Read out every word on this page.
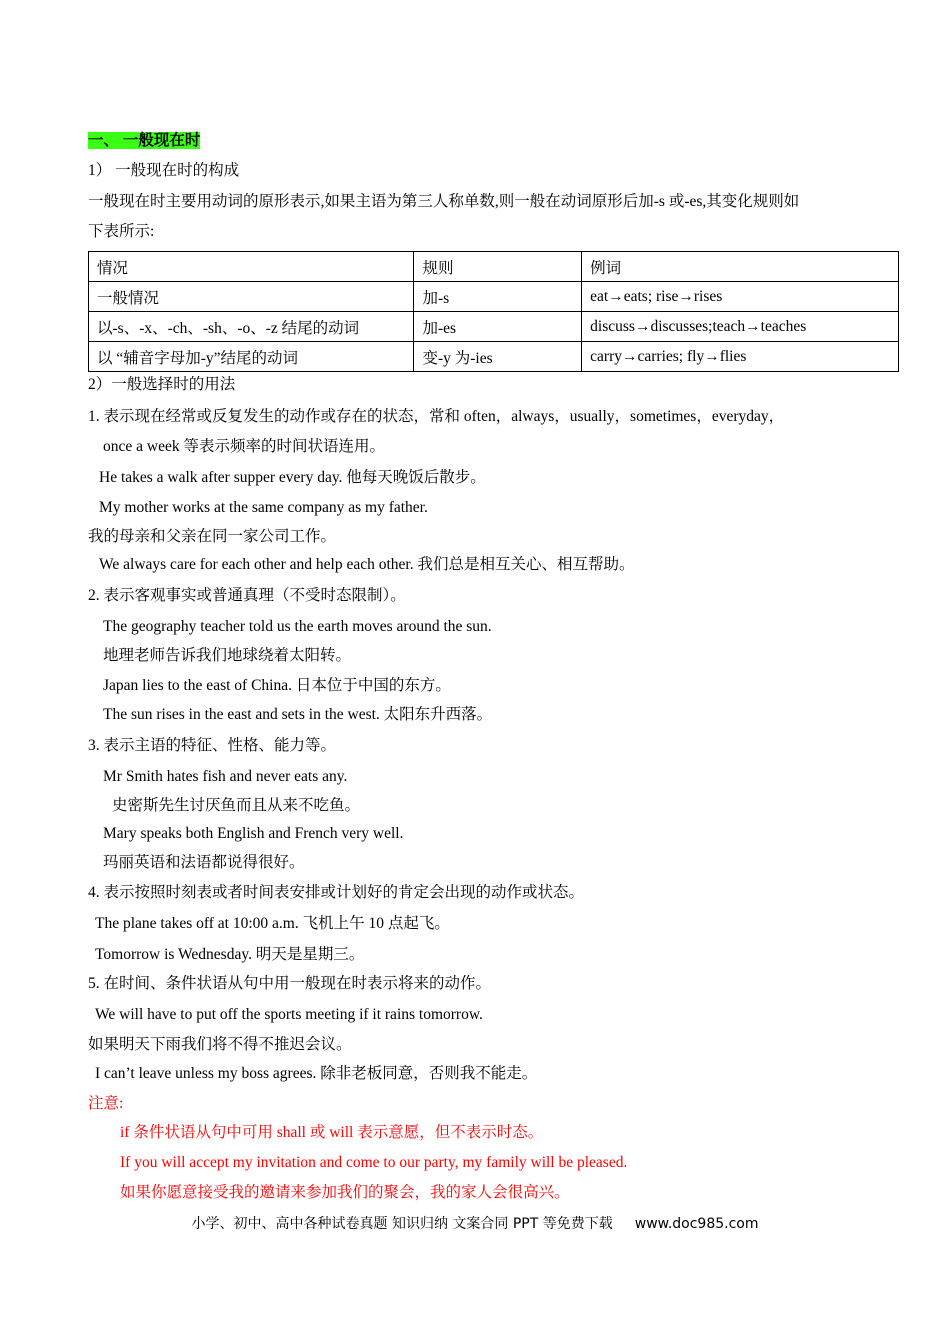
一、 一般现在时
1） 一般现在时的构成
一般现在时主要用动词的原形表示,如果主语为第三人称单数,则一般在动词原形后加-s 或-es,其变化规则如
下表所示:
情况	规则	例词
一般情况	加-s	eat→eats; rise→rises
以-s、-x、-ch、-sh、-o、-z 结尾的动词	加-es	discuss→discusses;teach→teaches
以 “辅音字母加-y”结尾的动词	变-y 为-ies	carry→carries; fly→flies
2）一般选择时的用法
1. 表示现在经常或反复发生的动作或存在的状态，常和 often，always，usually，sometimes，everyday，
once a week 等表示频率的时间状语连用。
He takes a walk after supper every day. 他每天晚饭后散步。
My mother works at the same company as my father.
我的母亲和父亲在同一家公司工作。
We always care for each other and help each other. 我们总是相互关心、相互帮助。
2. 表示客观事实或普通真理（不受时态限制）。
The geography teacher told us the earth moves around the sun.
地理老师告诉我们地球绕着太阳转。
Japan lies to the east of China. 日本位于中国的东方。
The sun rises in the east and sets in the west. 太阳东升西落。
3. 表示主语的特征、性格、能力等。
Mr Smith hates fish and never eats any.
史密斯先生讨厌鱼而且从来不吃鱼。
Mary speaks both English and French very well.
玛丽英语和法语都说得很好。
4. 表示按照时刻表或者时间表安排或计划好的肯定会出现的动作或状态。
The plane takes off at 10:00 a.m. 飞机上午 10 点起飞。
Tomorrow is Wednesday. 明天是星期三。
5. 在时间、条件状语从句中用一般现在时表示将来的动作。
We will have to put off the sports meeting if it rains tomorrow.
如果明天下雨我们将不得不推迟会议。
I can’t leave unless my boss agrees. 除非老板同意，否则我不能走。
注意:
if 条件状语从句中可用 shall 或 will 表示意愿，但不表示时态。
If you will accept my invitation and come to our party, my family will be pleased.
如果你愿意接受我的邀请来参加我们的聚会，我的家人会很高兴。
小学、初中、高中各种试卷真题 知识归纳 文案合同 PPT 等免费下载 www.doc985.com
